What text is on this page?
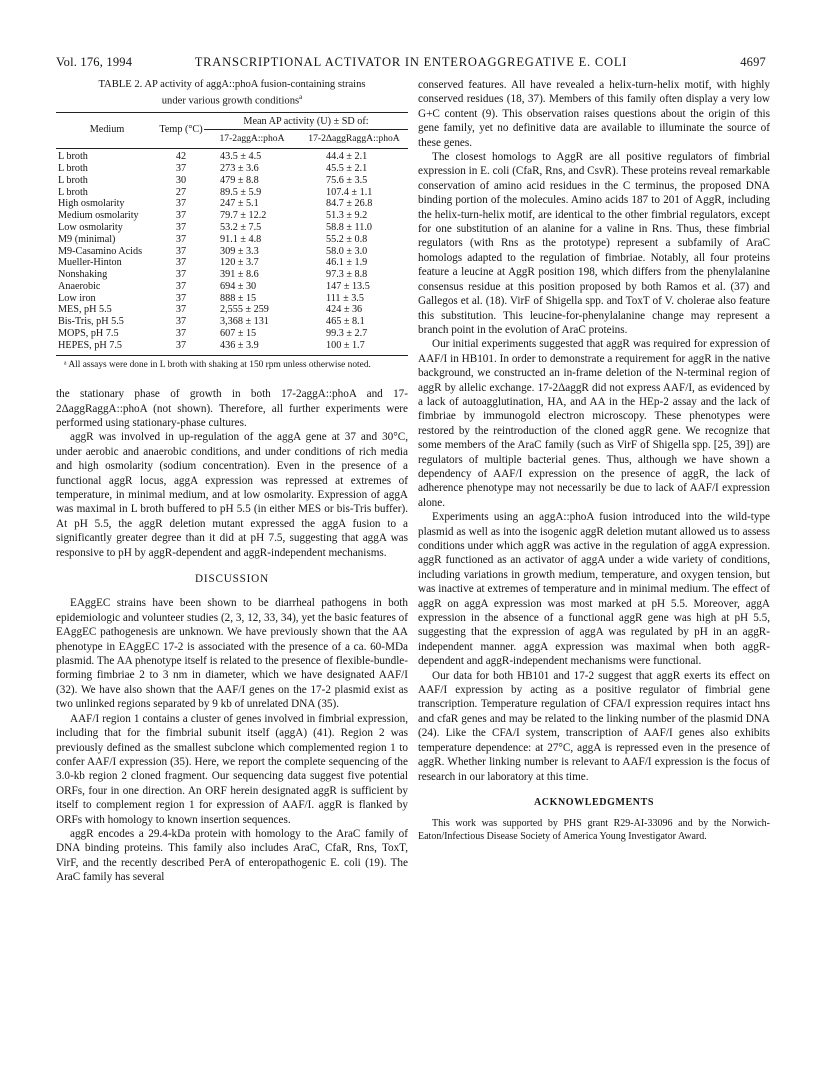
Vol. 176, 1994	TRANSCRIPTIONAL ACTIVATOR IN ENTEROAGGREGATIVE E. COLI	4697
TABLE 2. AP activity of aggA::phoA fusion-containing strains
under various growth conditions$^a$
Medium	Temp (°C)	Mean AP activity (U) ± SD of:	
		17-2aggA::phoA	17-2ΔaggRaggA::phoA
L broth	42	43.5 ± 4.5	44.4 ± 2.1
L broth	37	273 ± 3.6	45.5 ± 2.1
L broth	30	479 ± 8.8	75.6 ± 3.5
L broth	27	89.5 ± 5.9	107.4 ± 1.1
High osmolarity	37	247 ± 5.1	84.7 ± 26.8
Medium osmolarity	37	79.7 ± 12.2	51.3 ± 9.2
Low osmolarity	37	53.2 ± 7.5	58.8 ± 11.0
M9 (minimal)	37	91.1 ± 4.8	55.2 ± 0.8
M9-Casamino Acids	37	309 ± 3.3	58.0 ± 3.0
Mueller-Hinton	37	120 ± 3.7	46.1 ± 1.9
Nonshaking	37	391 ± 8.6	97.3 ± 8.8
Anaerobic	37	694 ± 30	147 ± 13.5
Low iron	37	888 ± 15	111 ± 3.5
MES, pH 5.5	37	2,555 ± 259	424 ± 36
Bis-Tris, pH 5.5	37	3,368 ± 131	465 ± 8.1
MOPS, pH 7.5	37	607 ± 15	99.3 ± 2.7
HEPES, pH 7.5	37	436 ± 3.9	100 ± 1.7
ᵃ All assays were done in L broth with shaking at 150 rpm unless otherwise noted.

the stationary phase of growth in both 17-2aggA::phoA and 17-2ΔaggRaggA::phoA (not shown). Therefore, all further experiments were performed using stationary-phase cultures.

aggR was involved in up-regulation of the aggA gene at 37 and 30°C, under aerobic and anaerobic conditions, and under conditions of rich media and high osmolarity (sodium concentration). Even in the presence of a functional aggR locus, aggA expression was repressed at extremes of temperature, in minimal medium, and at low osmolarity. Expression of aggA was maximal in L broth buffered to pH 5.5 (in either MES or bis-Tris buffer). At pH 5.5, the aggR deletion mutant expressed the aggA fusion to a significantly greater degree than it did at pH 7.5, suggesting that aggA was responsive to pH by aggR-dependent and aggR-independent mechanisms.

DISCUSSION

EAggEC strains have been shown to be diarrheal pathogens in both epidemiologic and volunteer studies (2, 3, 12, 33, 34), yet the basic features of EAggEC pathogenesis are unknown. We have previously shown that the AA phenotype in EAggEC 17-2 is associated with the presence of a ca. 60-MDa plasmid. The AA phenotype itself is related to the presence of flexible-bundle-forming fimbriae 2 to 3 nm in diameter, which we have designated AAF/I (32). We have also shown that the AAF/I genes on the 17-2 plasmid exist as two unlinked regions separated by 9 kb of unrelated DNA (35).

AAF/I region 1 contains a cluster of genes involved in fimbrial expression, including that for the fimbrial subunit itself (aggA) (41). Region 2 was previously defined as the smallest subclone which complemented region 1 to confer AAF/I expression (35). Here, we report the complete sequencing of the 3.0-kb region 2 cloned fragment. Our sequencing data suggest five potential ORFs, four in one direction. An ORF herein designated aggR is sufficient by itself to complement region 1 for expression of AAF/I. aggR is flanked by ORFs with homology to known insertion sequences.

aggR encodes a 29.4-kDa protein with homology to the AraC family of DNA binding proteins. This family also includes AraC, CfaR, Rns, ToxT, VirF, and the recently described PerA of enteropathogenic E. coli (19). The AraC family has several

conserved features. All have revealed a helix-turn-helix motif, with highly conserved residues (18, 37). Members of this family often display a very low G+C content (9). This observation raises questions about the origin of this gene family, yet no definitive data are available to illuminate the source of these genes.

The closest homologs to AggR are all positive regulators of fimbrial expression in E. coli (CfaR, Rns, and CsvR). These proteins reveal remarkable conservation of amino acid residues in the C terminus, the proposed DNA binding portion of the molecules. Amino acids 187 to 201 of AggR, including the helix-turn-helix motif, are identical to the other fimbrial regulators, except for one substitution of an alanine for a valine in Rns. Thus, these fimbrial regulators (with Rns as the prototype) represent a subfamily of AraC homologs adapted to the regulation of fimbriae. Notably, all four proteins feature a leucine at AggR position 198, which differs from the phenylalanine consensus residue at this position proposed by both Ramos et al. (37) and Gallegos et al. (18). VirF of Shigella spp. and ToxT of V. cholerae also feature this substitution. This leucine-for-phenylalanine change may represent a branch point in the evolution of AraC proteins.

Our initial experiments suggested that aggR was required for expression of AAF/I in HB101. In order to demonstrate a requirement for aggR in the native background, we constructed an in-frame deletion of the N-terminal region of aggR by allelic exchange. 17-2ΔaggR did not express AAF/I, as evidenced by a lack of autoagglutination, HA, and AA in the HEp-2 assay and the lack of fimbriae by immunogold electron microscopy. These phenotypes were restored by the reintroduction of the cloned aggR gene. We recognize that some members of the AraC family (such as VirF of Shigella spp. [25, 39]) are regulators of multiple bacterial genes. Thus, although we have shown a dependency of AAF/I expression on the presence of aggR, the lack of adherence phenotype may not necessarily be due to lack of AAF/I expression alone.

Experiments using an aggA::phoA fusion introduced into the wild-type plasmid as well as into the isogenic aggR deletion mutant allowed us to assess conditions under which aggR was active in the regulation of aggA expression. aggR functioned as an activator of aggA under a wide variety of conditions, including variations in growth medium, temperature, and oxygen tension, but was inactive at extremes of temperature and in minimal medium. The effect of aggR on aggA expression was most marked at pH 5.5. Moreover, aggA expression in the absence of a functional aggR gene was high at pH 5.5, suggesting that the expression of aggA was regulated by pH in an aggR-independent manner. aggA expression was maximal when both aggR-dependent and aggR-independent mechanisms were functional.

Our data for both HB101 and 17-2 suggest that aggR exerts its effect on AAF/I expression by acting as a positive regulator of fimbrial gene transcription. Temperature regulation of CFA/I expression requires intact hns and cfaR genes and may be related to the linking number of the plasmid DNA (24). Like the CFA/I system, transcription of AAF/I genes also exhibits temperature dependence: at 27°C, aggA is repressed even in the presence of aggR. Whether linking number is relevant to AAF/I expression is the focus of research in our laboratory at this time.

ACKNOWLEDGMENTS

This work was supported by PHS grant R29-AI-33096 and by the Norwich-Eaton/Infectious Disease Society of America Young Investigator Award.
